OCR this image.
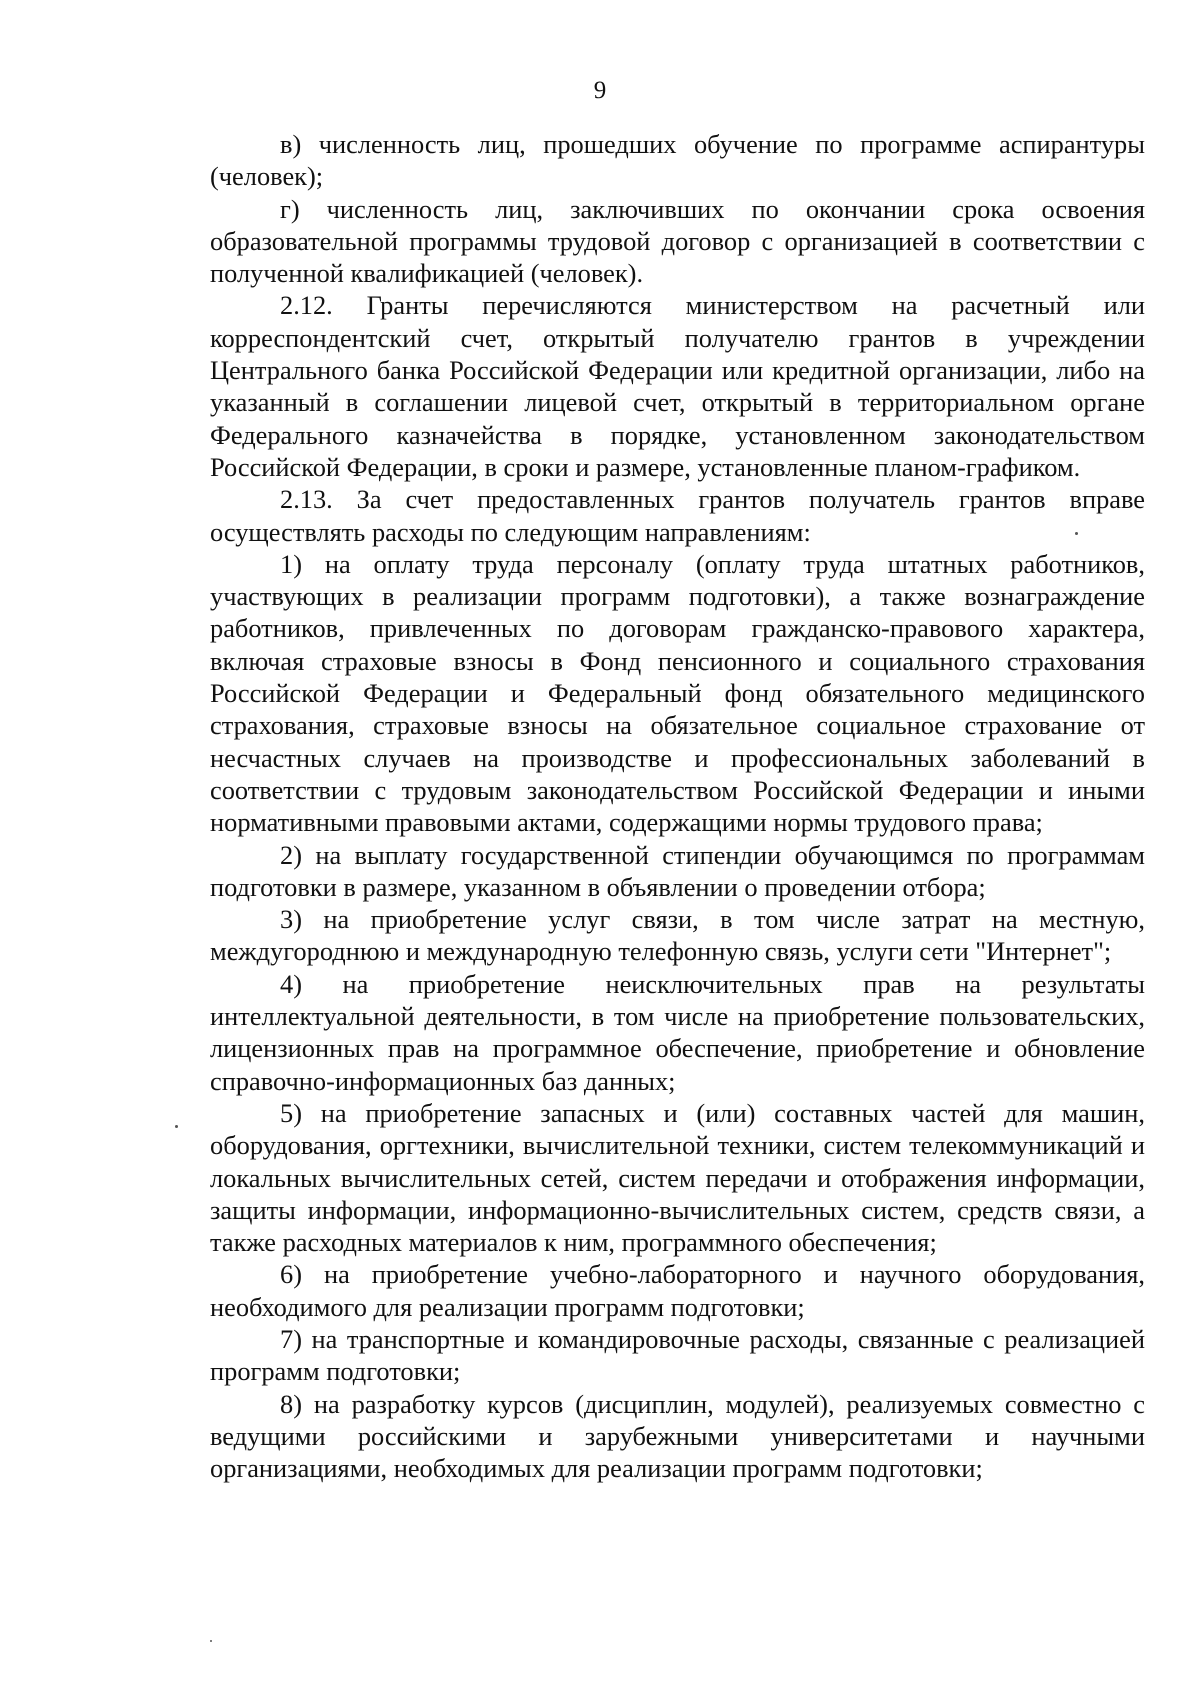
9

в) численность лиц, прошедших обучение по программе аспирантуры (человек);

г) численность лиц, заключивших по окончании срока освоения образовательной программы трудовой договор с организацией в соответствии с полученной квалификацией (человек).

2.12. Гранты перечисляются министерством на расчетный или корреспондентский счет, открытый получателю грантов в учреждении Центрального банка Российской Федерации или кредитной организации, либо на указанный в соглашении лицевой счет, открытый в территориальном органе Федерального казначейства в порядке, установленном законодательством Российской Федерации, в сроки и размере, установленные планом-графиком.

2.13. За счет предоставленных грантов получатель грантов вправе осуществлять расходы по следующим направлениям:

1) на оплату труда персоналу (оплату труда штатных работников, участвующих в реализации программ подготовки), а также вознаграждение работников, привлеченных по договорам гражданско-правового характера, включая страховые взносы в Фонд пенсионного и социального страхования Российской Федерации и Федеральный фонд обязательного медицинского страхования, страховые взносы на обязательное социальное страхование от несчастных случаев на производстве и профессиональных заболеваний в соответствии с трудовым законодательством Российской Федерации и иными нормативными правовыми актами, содержащими нормы трудового права;

2) на выплату государственной стипендии обучающимся по программам подготовки в размере, указанном в объявлении о проведении отбора;

3) на приобретение услуг связи, в том числе затрат на местную, междугороднюю и международную телефонную связь, услуги сети "Интернет";

4) на приобретение неисключительных прав на результаты интеллектуальной деятельности, в том числе на приобретение пользовательских, лицензионных прав на программное обеспечение, приобретение и обновление справочно-информационных баз данных;

5) на приобретение запасных и (или) составных частей для машин, оборудования, оргтехники, вычислительной техники, систем телекоммуникаций и локальных вычислительных сетей, систем передачи и отображения информации, защиты информации, информационно-вычислительных систем, средств связи, а также расходных материалов к ним, программного обеспечения;

6) на приобретение учебно-лабораторного и научного оборудования, необходимого для реализации программ подготовки;

7) на транспортные и командировочные расходы, связанные с реализацией программ подготовки;

8) на разработку курсов (дисциплин, модулей), реализуемых совместно с ведущими российскими и зарубежными университетами и научными организациями, необходимых для реализации программ подготовки;
